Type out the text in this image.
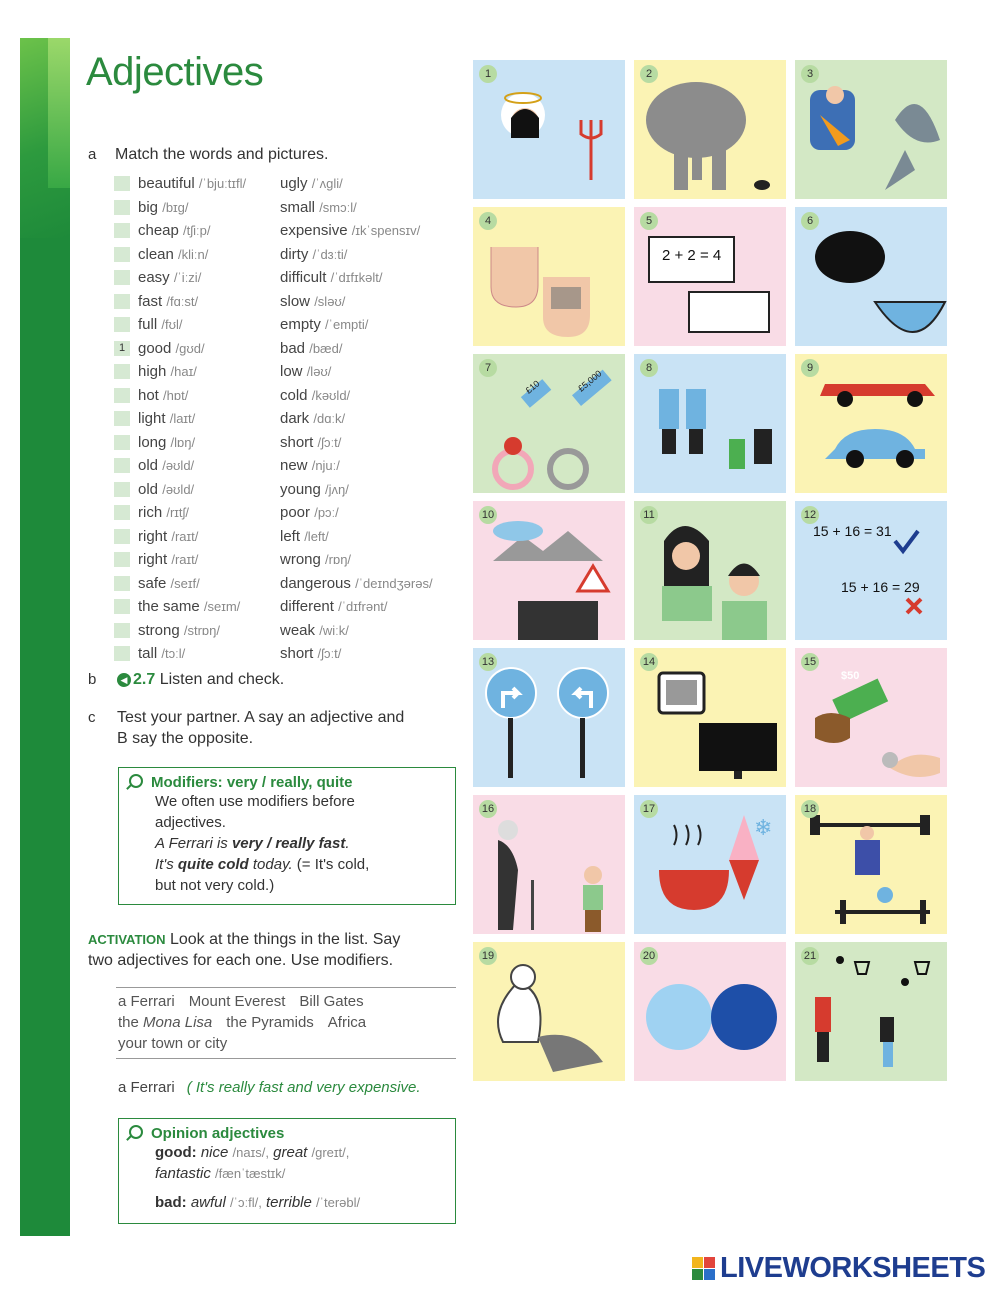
Adjectives
a Match the words and pictures.
beautiful /ˈbjuːtɪfl/ ugly /ˈʌgli/
big /bɪg/	small /smɔːl/
cheap /tʃiːp/	expensive /ɪkˈspensɪv/
clean /kliːn/	dirty /ˈdɜːti/
easy /ˈiːzi/	difficult /ˈdɪfɪkəlt/
fast /fɑːst/	slow /sləʊ/
full /fʊl/	empty /ˈempti/
1 good /gʊd/	bad /bæd/
high /haɪ/	low /ləʊ/
hot /hɒt/	cold /kəʊld/
light /laɪt/	dark /dɑːk/
long /lɒŋ/	short /ʃɔːt/
old /əʊld/	new /njuː/
old /əʊld/	young /jʌŋ/
rich /rɪtʃ/	poor /pɔː/
right /raɪt/	left /left/
right /raɪt/	wrong /rɒŋ/
safe /seɪf/	dangerous /ˈdeɪndʒərəs/
the same /seɪm/	different /ˈdɪfrənt/
strong /strɒŋ/	weak /wiːk/
tall /tɔːl/	short /ʃɔːt/
b	◀ 2.7 Listen and check.
c Test your partner. A say an adjective and
B say the opposite.
Modifiers: very / really, quite
We often use modifiers before
adjectives.
A Ferrari is very / really fast.
It's quite cold today. (= It's cold,
but not very cold.)
ACTIVATION Look at the things in the list. Say
two adjectives for each one. Use modifiers.
a Ferrari Mount Everest Bill Gates
the Mona Lisa the Pyramids Africa
your town or city
a Ferrari ( It's really fast and very expensive.
Opinion adjectives
good: nice /naɪs/, great /greɪt/,
fantastic /fænˈtæstɪk/
bad: awful /ˈɔːfl/, terrible /ˈterəbl/
1	2	3
4	5
2 + 2 = 4
6
7
£10	£5,000
8	9
10	11	12
15 + 16 = 31
15 + 16 = 29
13	14	15
$50
16
❄
17	18
19	20	21
LIVEWORKSHEETS
